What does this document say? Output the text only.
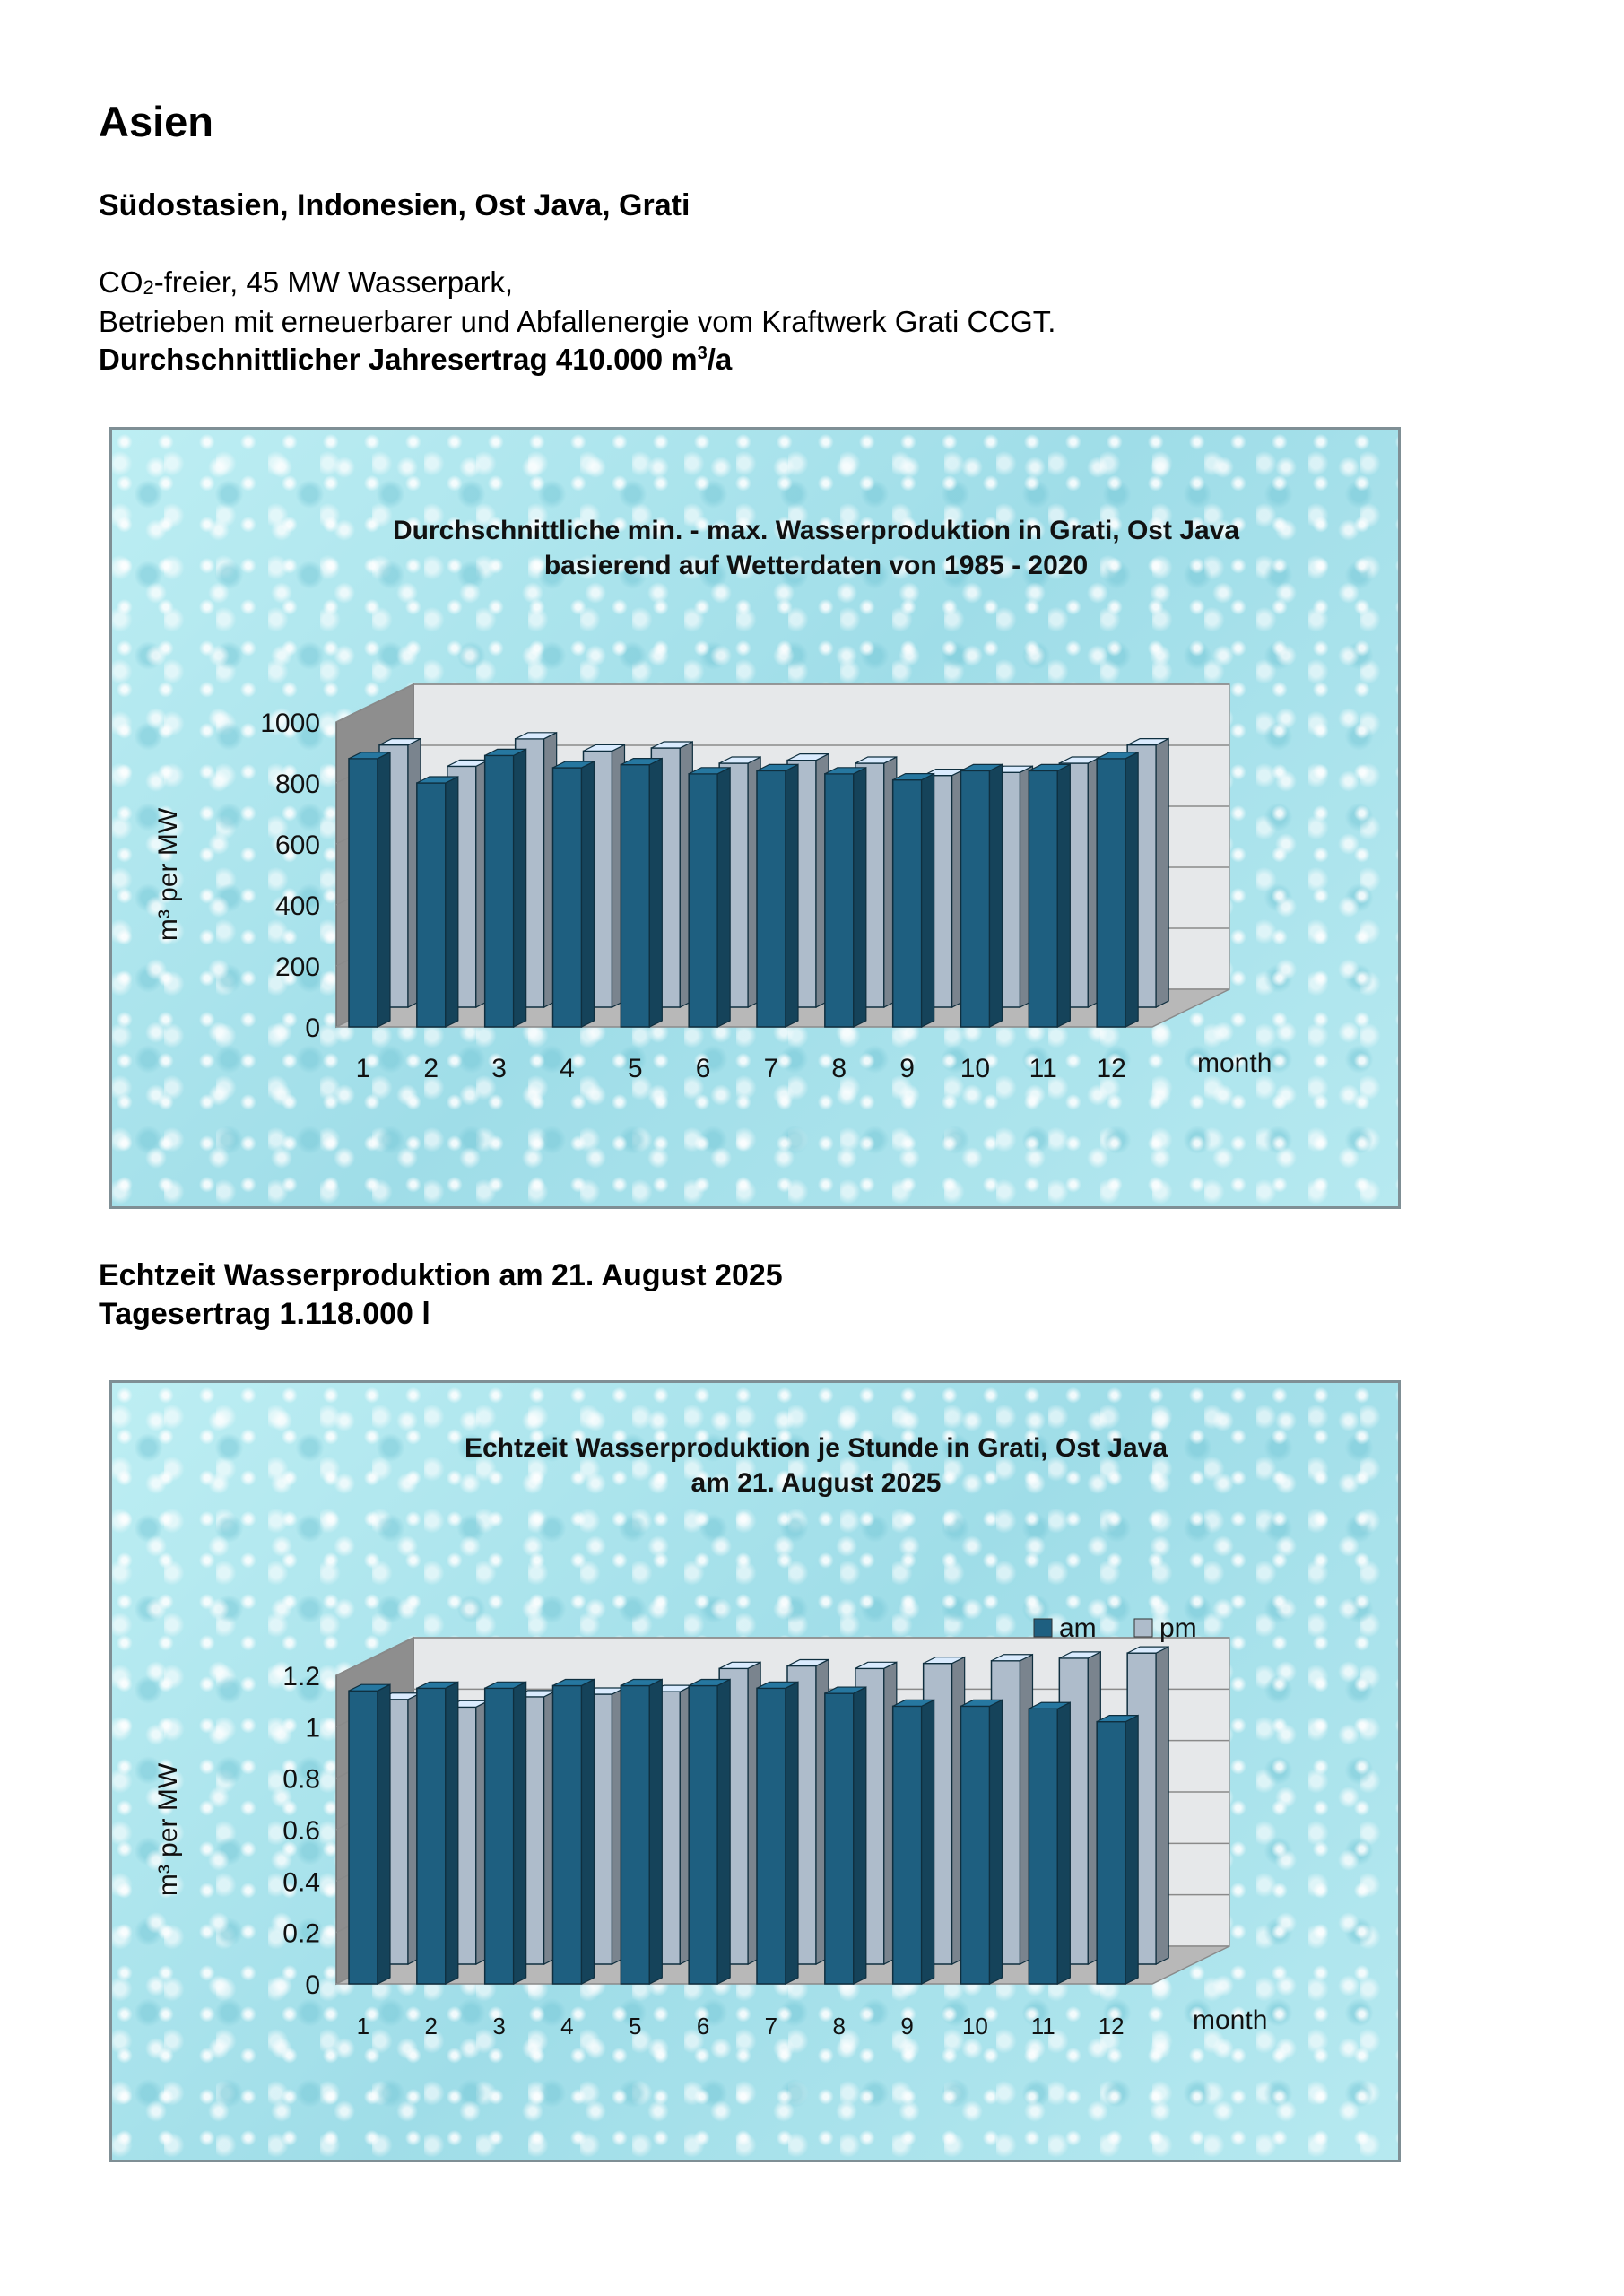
Asien
Südostasien, Indonesien, Ost Java, Grati
$CO_2$-freier, 45 MW Wasserpark,
Betrieben mit erneuerbarer und Abfallenergie vom Kraftwerk Grati CCGT.
Durchschnittlicher Jahresertrag 410.000 $m^3/a$
Durchschnittliche min. - max. Wasserproduktion in Grati, Ost Java
basierend auf Wetterdaten von 1985 - 2020
0
200
400
600
800
1000
m³ per MW
1 2 3 4 5 6 7 8 9 10 11 12	month
Echtzeit Wasserproduktion am 21. August 2025
Tagesertrag 1.118.000 l
Echtzeit Wasserproduktion je Stunde in Grati, Ost Java
am 21. August 2025
0
0.2
0.4
0.6
0.8
1
1.2
m³ per MW
1 2 3 4 5 6 7 8 9 10 11 12	month
am pm
